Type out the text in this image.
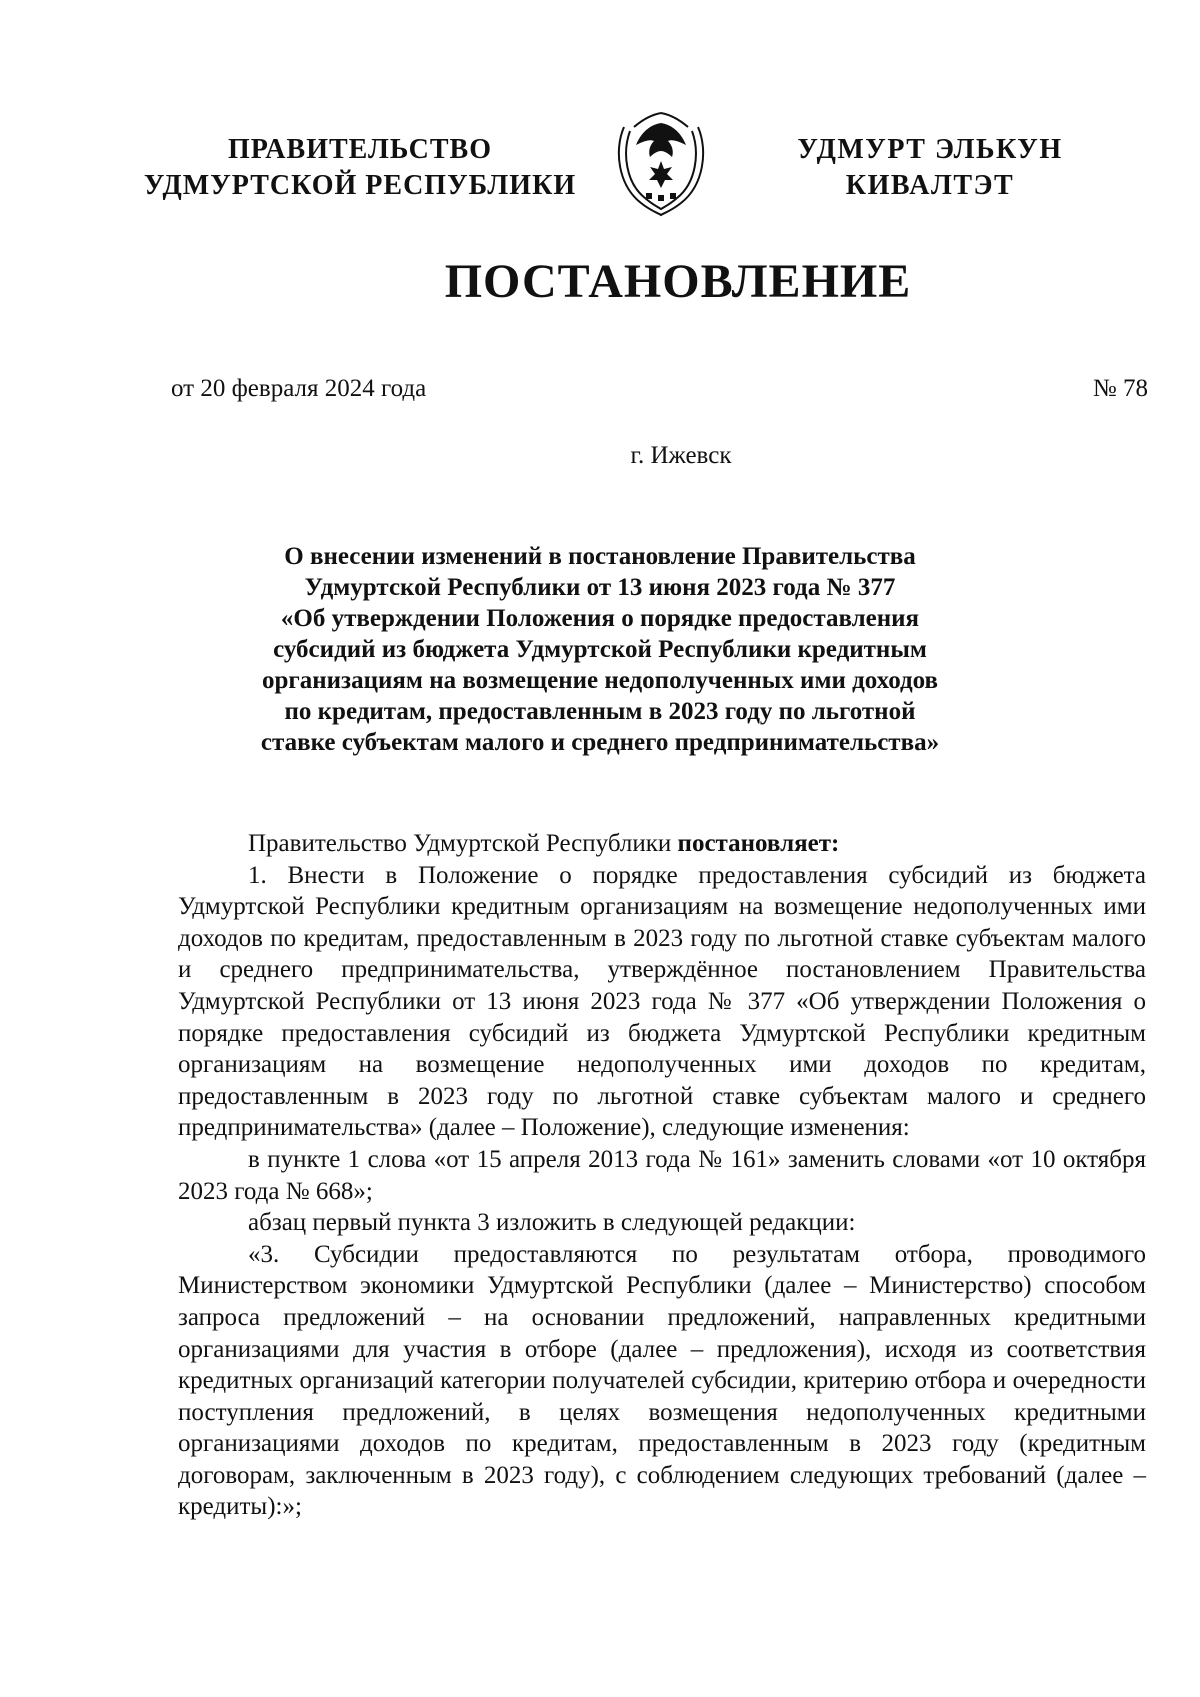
ПРАВИТЕЛЬСТВО
УДМУРТСКОЙ РЕСПУБЛИКИ
УДМУРТ ЭЛЬКУН
КИВАЛТЭТ
ПОСТАНОВЛЕНИЕ
от 20 февраля 2024 года	№ 78
г. Ижевск
О внесении изменений в постановление Правительства
Удмуртской Республики от 13 июня 2023 года № 377
«Об утверждении Положения о порядке предоставления
субсидий из бюджета Удмуртской Республики кредитным
организациям на возмещение недополученных ими доходов
по кредитам, предоставленным в 2023 году по льготной
ставке субъектам малого и среднего предпринимательства»

Правительство Удмуртской Республики постановляет:

1. Внести в Положение о порядке предоставления субсидий из бюджета Удмуртской Республики кредитным организациям на возмещение недополученных ими доходов по кредитам, предоставленным в 2023 году по льготной ставке субъектам малого и среднего предпринимательства, утверждённое постановлением Правительства Удмуртской Республики от 13 июня 2023 года № 377 «Об утверждении Положения о порядке предоставления субсидий из бюджета Удмуртской Республики кредитным организациям на возмещение недополученных ими доходов по кредитам, предоставленным в 2023 году по льготной ставке субъектам малого и среднего предпринимательства» (далее – Положение), следующие изменения:

в пункте 1 слова «от 15 апреля 2013 года № 161» заменить словами «от 10 октября 2023 года № 668»;

абзац первый пункта 3 изложить в следующей редакции:

«3. Субсидии предоставляются по результатам отбора, проводимого Министерством экономики Удмуртской Республики (далее – Министерство) способом запроса предложений – на основании предложений, направленных кредитными организациями для участия в отборе (далее – предложения), исходя из соответствия кредитных организаций категории получателей субсидии, критерию отбора и очередности поступления предложений, в целях возмещения недополученных кредитными организациями доходов по кредитам, предоставленным в 2023 году (кредитным договорам, заключенным в 2023 году), с соблюдением следующих требований (далее – кредиты):»;
